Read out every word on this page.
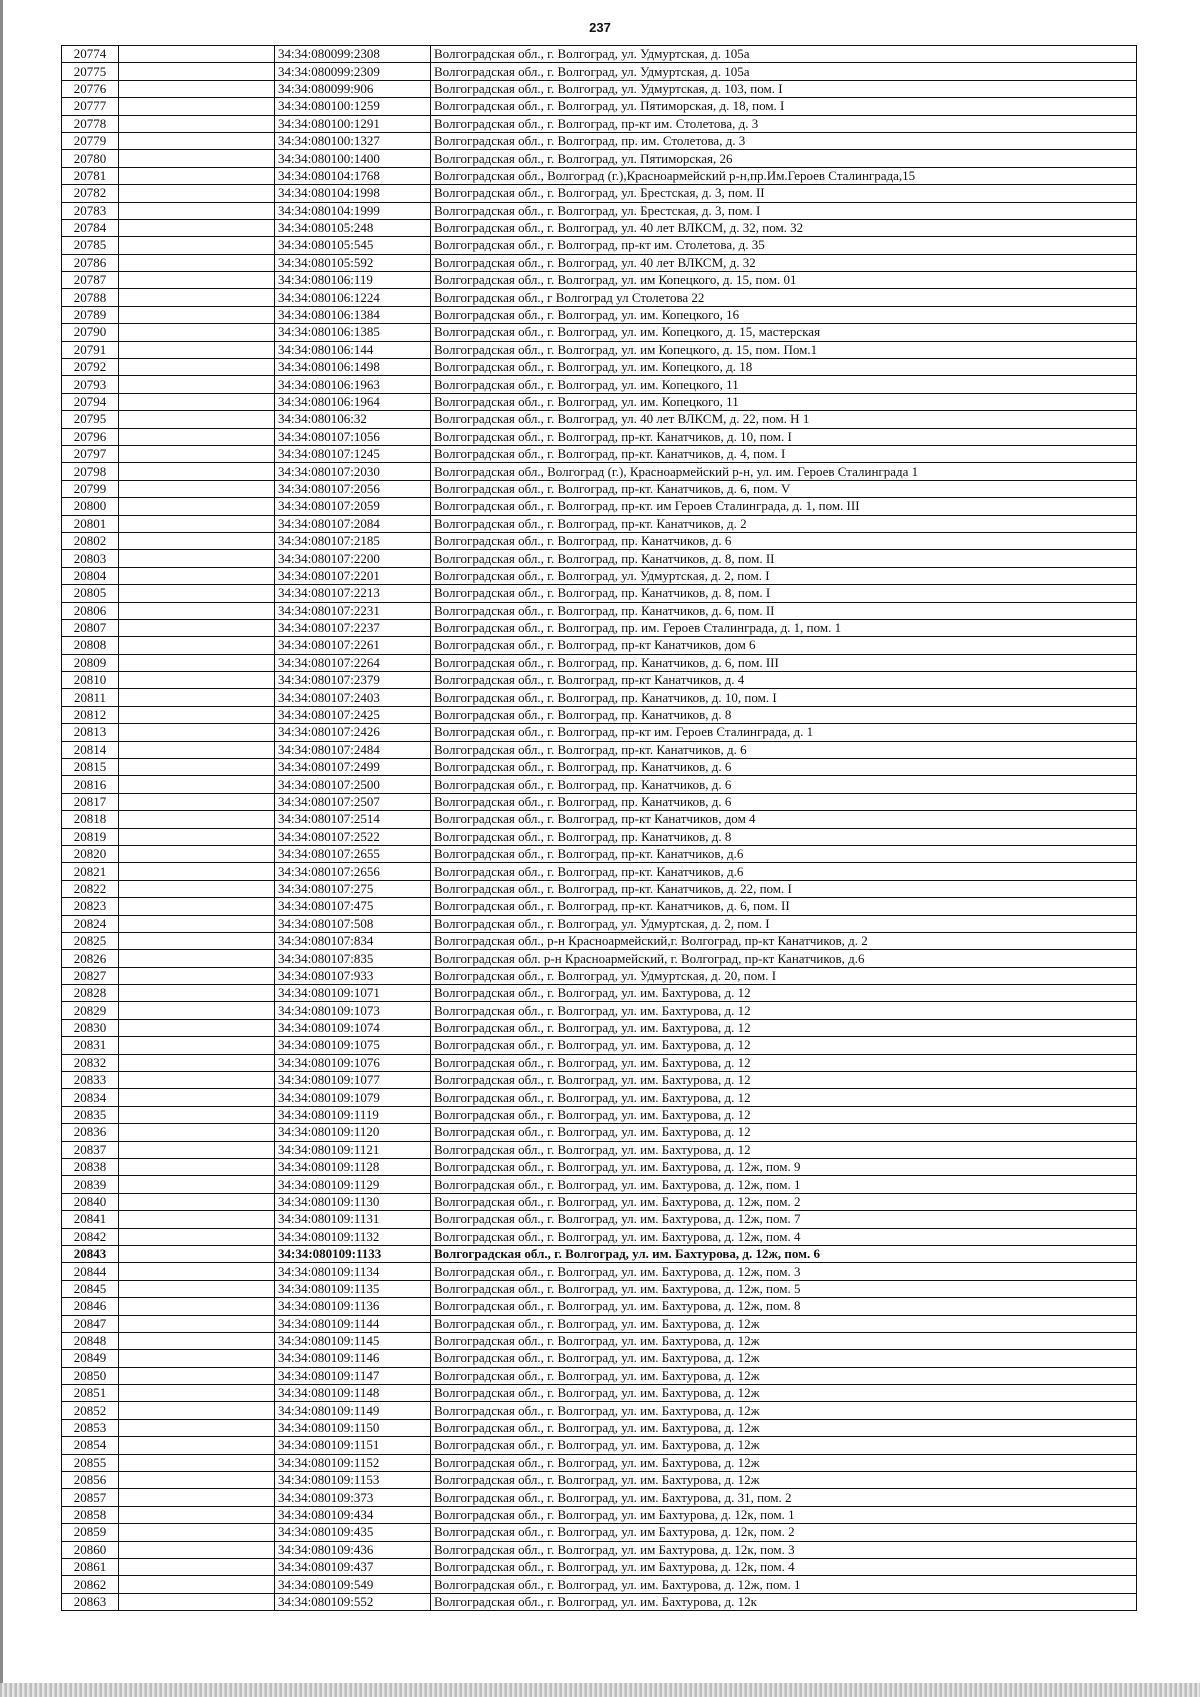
237
20774		34:34:080099:2308	Волгоградская обл., г. Волгоград, ул. Удмуртская, д. 105а
20775		34:34:080099:2309	Волгоградская обл., г. Волгоград, ул. Удмуртская, д. 105а
20776		34:34:080099:906	Волгоградская обл., г. Волгоград, ул. Удмуртская, д. 103, пом. I
20777		34:34:080100:1259	Волгоградская обл., г. Волгоград, ул. Пятиморская, д. 18, пом. I
20778		34:34:080100:1291	Волгоградская обл., г. Волгоград, пр-кт им. Столетова, д. 3
20779		34:34:080100:1327	Волгоградская обл., г. Волгоград, пр. им. Столетова, д. 3
20780		34:34:080100:1400	Волгоградская обл., г. Волгоград, ул. Пятиморская, 26
20781		34:34:080104:1768	Волгоградская обл., Волгоград (г.),Красноармейский р-н,пр.Им.Героев Сталинграда,15
20782		34:34:080104:1998	Волгоградская обл., г. Волгоград, ул. Брестская, д. 3, пом. II
20783		34:34:080104:1999	Волгоградская обл., г. Волгоград, ул. Брестская, д. 3, пом. I
20784		34:34:080105:248	Волгоградская обл., г. Волгоград, ул. 40 лет ВЛКСМ, д. 32, пом. 32
20785		34:34:080105:545	Волгоградская обл., г. Волгоград, пр-кт им. Столетова, д. 35
20786		34:34:080105:592	Волгоградская обл., г. Волгоград, ул. 40 лет ВЛКСМ, д. 32
20787		34:34:080106:119	Волгоградская обл., г. Волгоград, ул. им Копецкого, д. 15, пом. 01
20788		34:34:080106:1224	Волгоградская обл., г Волгоград ул Столетова 22
20789		34:34:080106:1384	Волгоградская обл., г. Волгоград, ул. им. Копецкого, 16
20790		34:34:080106:1385	Волгоградская обл., г. Волгоград, ул. им. Копецкого, д. 15, мастерская
20791		34:34:080106:144	Волгоградская обл., г. Волгоград, ул. им Копецкого, д. 15, пом. Пом.1
20792		34:34:080106:1498	Волгоградская обл., г. Волгоград, ул. им. Копецкого, д. 18
20793		34:34:080106:1963	Волгоградская обл., г. Волгоград, ул. им. Копецкого, 11
20794		34:34:080106:1964	Волгоградская обл., г. Волгоград, ул. им. Копецкого, 11
20795		34:34:080106:32	Волгоградская обл., г. Волгоград, ул. 40 лет ВЛКСМ, д. 22, пом. Н 1
20796		34:34:080107:1056	Волгоградская обл., г. Волгоград, пр-кт. Канатчиков, д. 10, пом. I
20797		34:34:080107:1245	Волгоградская обл., г. Волгоград, пр-кт. Канатчиков, д. 4, пом. I
20798		34:34:080107:2030	Волгоградская обл., Волгоград (г.), Красноармейский р-н, ул. им. Героев Сталинграда 1
20799		34:34:080107:2056	Волгоградская обл., г. Волгоград, пр-кт. Канатчиков, д. 6, пом. V
20800		34:34:080107:2059	Волгоградская обл., г. Волгоград, пр-кт. им Героев Сталинграда, д. 1, пом. III
20801		34:34:080107:2084	Волгоградская обл., г. Волгоград, пр-кт. Канатчиков, д. 2
20802		34:34:080107:2185	Волгоградская обл., г. Волгоград, пр. Канатчиков, д. 6
20803		34:34:080107:2200	Волгоградская обл., г. Волгоград, пр. Канатчиков, д. 8, пом. II
20804		34:34:080107:2201	Волгоградская обл., г. Волгоград, ул. Удмуртская, д. 2, пом. I
20805		34:34:080107:2213	Волгоградская обл., г. Волгоград, пр. Канатчиков, д. 8, пом. I
20806		34:34:080107:2231	Волгоградская обл., г. Волгоград, пр. Канатчиков, д. 6, пом. II
20807		34:34:080107:2237	Волгоградская обл., г. Волгоград, пр. им. Героев Сталинграда, д. 1, пом. 1
20808		34:34:080107:2261	Волгоградская обл., г. Волгоград, пр-кт Канатчиков, дом 6
20809		34:34:080107:2264	Волгоградская обл., г. Волгоград, пр. Канатчиков, д. 6, пом. III
20810		34:34:080107:2379	Волгоградская обл., г. Волгоград, пр-кт Канатчиков, д. 4
20811		34:34:080107:2403	Волгоградская обл., г. Волгоград, пр. Канатчиков, д. 10, пом. I
20812		34:34:080107:2425	Волгоградская обл., г. Волгоград, пр. Канатчиков, д. 8
20813		34:34:080107:2426	Волгоградская обл., г. Волгоград, пр-кт им. Героев Сталинграда, д. 1
20814		34:34:080107:2484	Волгоградская обл., г. Волгоград, пр-кт. Канатчиков, д. 6
20815		34:34:080107:2499	Волгоградская обл., г. Волгоград, пр. Канатчиков, д. 6
20816		34:34:080107:2500	Волгоградская обл., г. Волгоград, пр. Канатчиков, д. 6
20817		34:34:080107:2507	Волгоградская обл., г. Волгоград, пр. Канатчиков, д. 6
20818		34:34:080107:2514	Волгоградская обл., г. Волгоград, пр-кт Канатчиков, дом 4
20819		34:34:080107:2522	Волгоградская обл., г. Волгоград, пр. Канатчиков, д. 8
20820		34:34:080107:2655	Волгоградская обл., г. Волгоград, пр-кт. Канатчиков, д.6
20821		34:34:080107:2656	Волгоградская обл., г. Волгоград, пр-кт. Канатчиков, д.6
20822		34:34:080107:275	Волгоградская обл., г. Волгоград, пр-кт. Канатчиков, д. 22, пом. I
20823		34:34:080107:475	Волгоградская обл., г. Волгоград, пр-кт. Канатчиков, д. 6, пом. II
20824		34:34:080107:508	Волгоградская обл., г. Волгоград, ул. Удмуртская, д. 2, пом. I
20825		34:34:080107:834	Волгоградская обл., р-н Красноармейский,г. Волгоград, пр-кт Канатчиков, д. 2
20826		34:34:080107:835	Волгоградская обл. р-н Красноармейский, г. Волгоград, пр-кт Канатчиков, д.6
20827		34:34:080107:933	Волгоградская обл., г. Волгоград, ул. Удмуртская, д. 20, пом. I
20828		34:34:080109:1071	Волгоградская обл., г. Волгоград, ул. им. Бахтурова, д. 12
20829		34:34:080109:1073	Волгоградская обл., г. Волгоград, ул. им. Бахтурова, д. 12
20830		34:34:080109:1074	Волгоградская обл., г. Волгоград, ул. им. Бахтурова, д. 12
20831		34:34:080109:1075	Волгоградская обл., г. Волгоград, ул. им. Бахтурова, д. 12
20832		34:34:080109:1076	Волгоградская обл., г. Волгоград, ул. им. Бахтурова, д. 12
20833		34:34:080109:1077	Волгоградская обл., г. Волгоград, ул. им. Бахтурова, д. 12
20834		34:34:080109:1079	Волгоградская обл., г. Волгоград, ул. им. Бахтурова, д. 12
20835		34:34:080109:1119	Волгоградская обл., г. Волгоград, ул. им. Бахтурова, д. 12
20836		34:34:080109:1120	Волгоградская обл., г. Волгоград, ул. им. Бахтурова, д. 12
20837		34:34:080109:1121	Волгоградская обл., г. Волгоград, ул. им. Бахтурова, д. 12
20838		34:34:080109:1128	Волгоградская обл., г. Волгоград, ул. им. Бахтурова, д. 12ж, пом. 9
20839		34:34:080109:1129	Волгоградская обл., г. Волгоград, ул. им. Бахтурова, д. 12ж, пом. 1
20840		34:34:080109:1130	Волгоградская обл., г. Волгоград, ул. им. Бахтурова, д. 12ж, пом. 2
20841		34:34:080109:1131	Волгоградская обл., г. Волгоград, ул. им. Бахтурова, д. 12ж, пом. 7
20842		34:34:080109:1132	Волгоградская обл., г. Волгоград, ул. им. Бахтурова, д. 12ж, пом. 4
20843		34:34:080109:1133	Волгоградская обл., г. Волгоград, ул. им. Бахтурова, д. 12ж, пом. 6
20844		34:34:080109:1134	Волгоградская обл., г. Волгоград, ул. им. Бахтурова, д. 12ж, пом. 3
20845		34:34:080109:1135	Волгоградская обл., г. Волгоград, ул. им. Бахтурова, д. 12ж, пом. 5
20846		34:34:080109:1136	Волгоградская обл., г. Волгоград, ул. им. Бахтурова, д. 12ж, пом. 8
20847		34:34:080109:1144	Волгоградская обл., г. Волгоград, ул. им. Бахтурова, д. 12ж
20848		34:34:080109:1145	Волгоградская обл., г. Волгоград, ул. им. Бахтурова, д. 12ж
20849		34:34:080109:1146	Волгоградская обл., г. Волгоград, ул. им. Бахтурова, д. 12ж
20850		34:34:080109:1147	Волгоградская обл., г. Волгоград, ул. им. Бахтурова, д. 12ж
20851		34:34:080109:1148	Волгоградская обл., г. Волгоград, ул. им. Бахтурова, д. 12ж
20852		34:34:080109:1149	Волгоградская обл., г. Волгоград, ул. им. Бахтурова, д. 12ж
20853		34:34:080109:1150	Волгоградская обл., г. Волгоград, ул. им. Бахтурова, д. 12ж
20854		34:34:080109:1151	Волгоградская обл., г. Волгоград, ул. им. Бахтурова, д. 12ж
20855		34:34:080109:1152	Волгоградская обл., г. Волгоград, ул. им. Бахтурова, д. 12ж
20856		34:34:080109:1153	Волгоградская обл., г. Волгоград, ул. им. Бахтурова, д. 12ж
20857		34:34:080109:373	Волгоградская обл., г. Волгоград, ул. им. Бахтурова, д. 31, пом. 2
20858		34:34:080109:434	Волгоградская обл., г. Волгоград, ул. им Бахтурова, д. 12к, пом. 1
20859		34:34:080109:435	Волгоградская обл., г. Волгоград, ул. им Бахтурова, д. 12к, пом. 2
20860		34:34:080109:436	Волгоградская обл., г. Волгоград, ул. им Бахтурова, д. 12к, пом. 3
20861		34:34:080109:437	Волгоградская обл., г. Волгоград, ул. им Бахтурова, д. 12к, пом. 4
20862		34:34:080109:549	Волгоградская обл., г. Волгоград, ул. им. Бахтурова, д. 12ж, пом. 1
20863		34:34:080109:552	Волгоградская обл., г. Волгоград, ул. им. Бахтурова, д. 12к
